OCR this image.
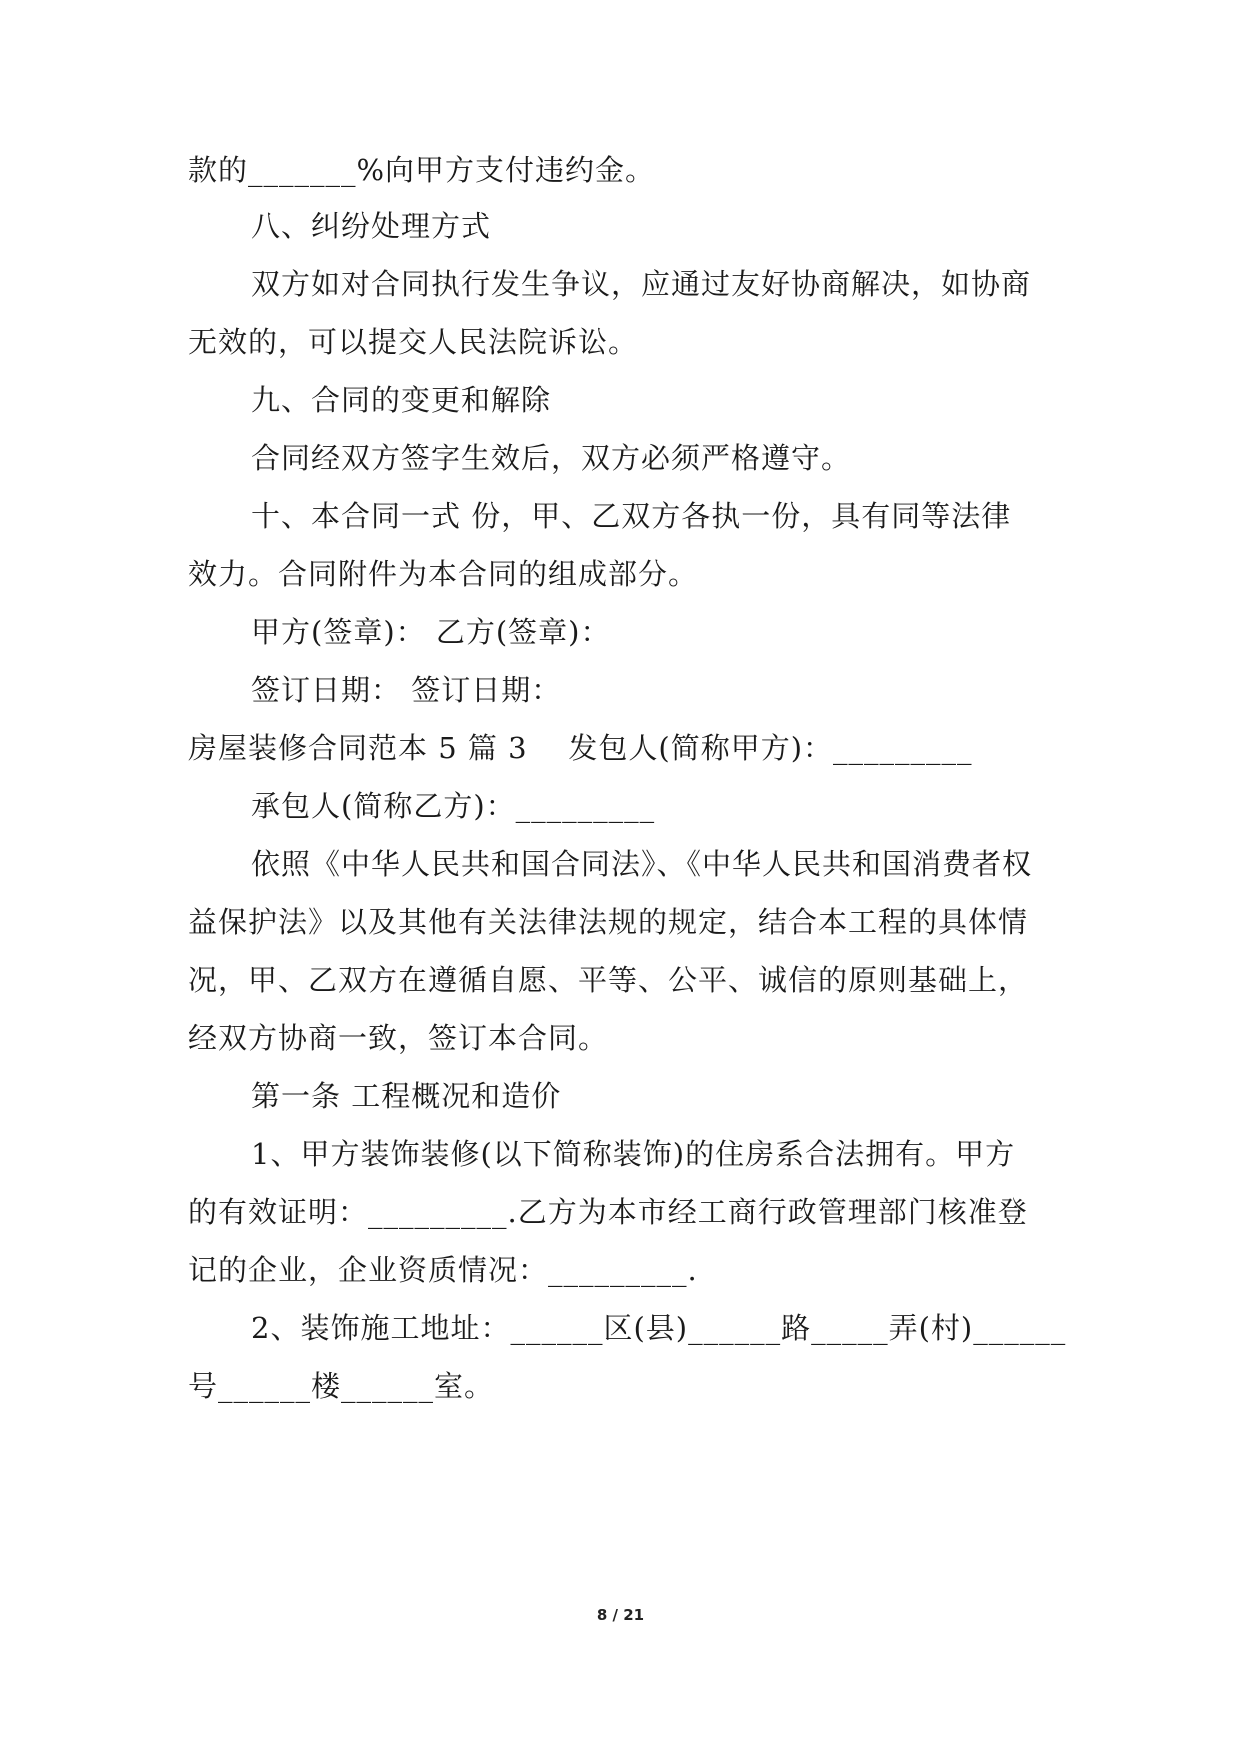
款的_______%向甲方支付违约金。
八、纠纷处理方式
双方如对合同执行发生争议，应通过友好协商解决，如协商
无效的，可以提交人民法院诉讼。
九、合同的变更和解除
合同经双方签字生效后，双方必须严格遵守。
十、本合同一式 份，甲、乙双方各执一份，具有同等法律
效力。合同附件为本合同的组成部分。
甲方(签章)： 乙方(签章)：
签订日期： 签订日期：
房屋装修合同范本 5 篇 3    发包人(简称甲方)：_________
承包人(简称乙方)：_________
依照《中华人民共和国合同法》、《中华人民共和国消费者权
益保护法》以及其他有关法律法规的规定，结合本工程的具体情
况，甲、乙双方在遵循自愿、平等、公平、诚信的原则基础上，
经双方协商一致，签订本合同。
第一条 工程概况和造价
1、甲方装饰装修(以下简称装饰)的住房系合法拥有。甲方
的有效证明：_________.乙方为本市经工商行政管理部门核准登
记的企业，企业资质情况：_________.
2、装饰施工地址：______区(县)______路_____弄(村)______
号______楼______室。
8 / 21
